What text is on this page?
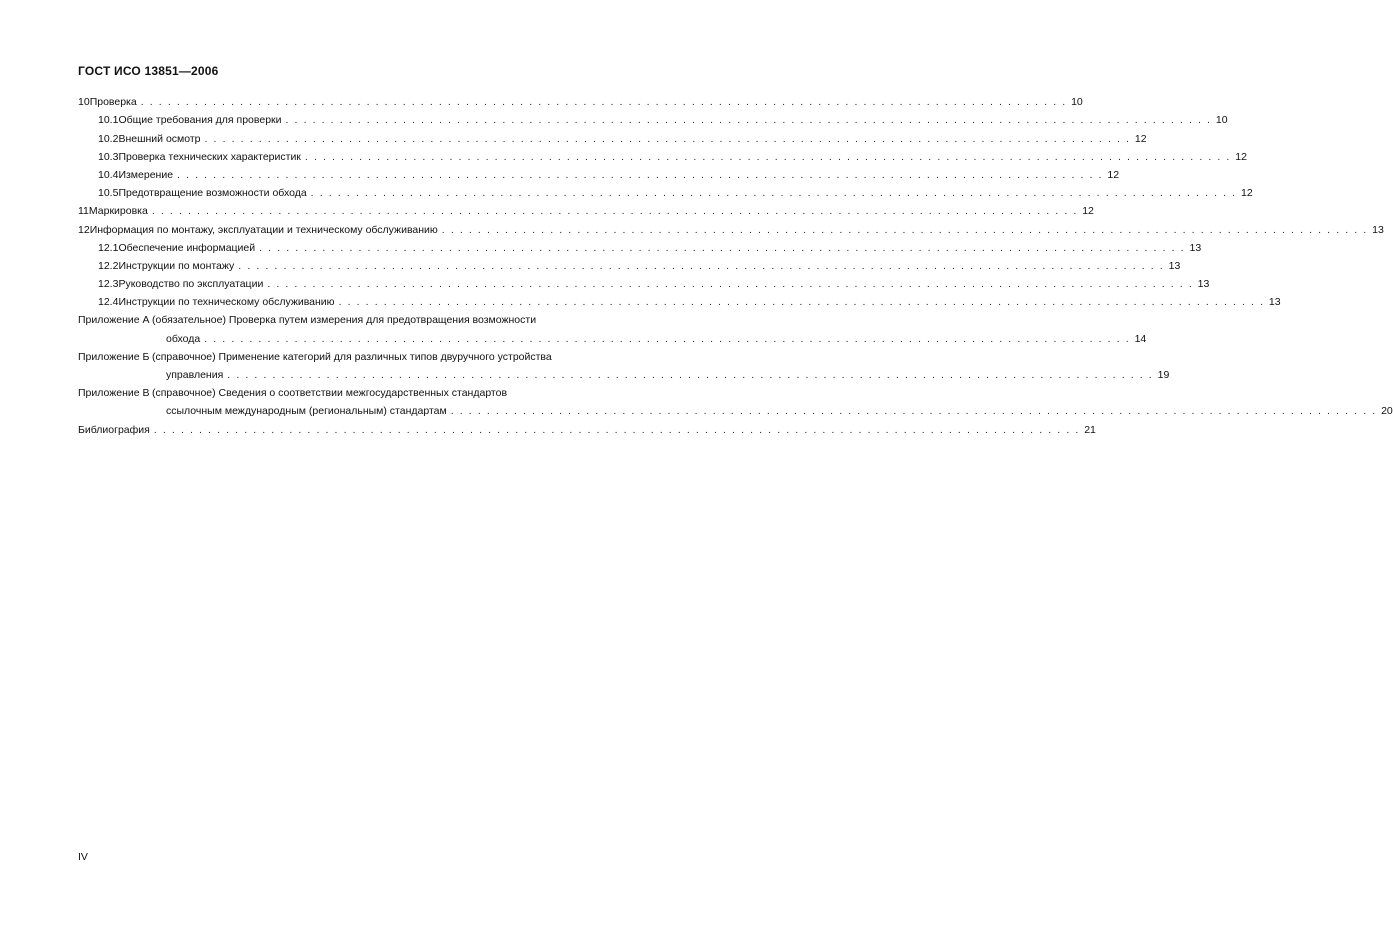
ГОСТ ИСО 13851—2006
10 Проверка . . .	10
10.1 Общие требования для проверки . . .	10
10.2 Внешний осмотр . . .	12
10.3 Проверка технических характеристик . . .	12
10.4 Измерение . . .	12
10.5 Предотвращение возможности обхода . . .	12
11 Маркировка . . .	12
12 Информация по монтажу, эксплуатации и техническому обслуживанию . . .	13
12.1 Обеспечение информацией . . .	13
12.2 Инструкции по монтажу . . .	13
12.3 Руководство по эксплуатации . . .	13
12.4 Инструкции по техническому обслуживанию . . .	13
Приложение А (обязательное) Проверка путем измерения для предотвращения возможности
обхода . . .	14
Приложение Б (справочное) Применение категорий для различных типов двуручного устройства
управления . . .	19
Приложение В (справочное) Сведения о соответствии межгосударственных стандартов
ссылочным международным (региональным) стандартам . . .	20
Библиография . . .	21
IV
